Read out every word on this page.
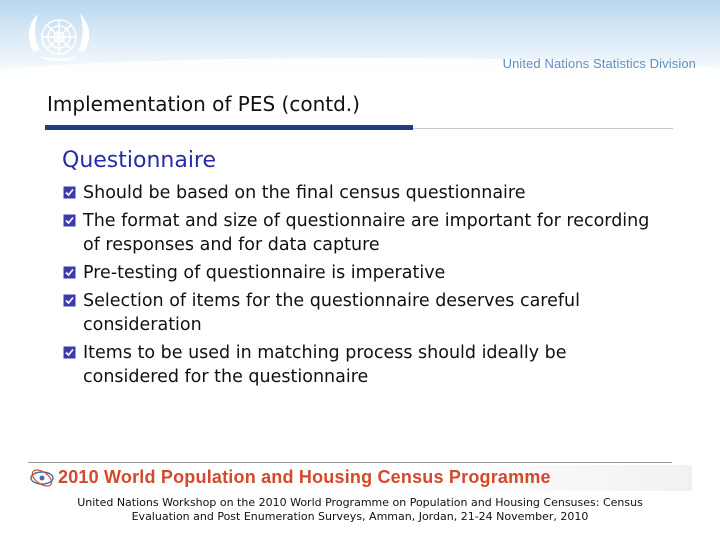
United Nations Statistics Division
Implementation of PES (contd.)
Questionnaire
Should be based on the final census questionnaire
The format and size of questionnaire are important for recording of responses and for data capture
Pre-testing of questionnaire is imperative
Selection of items for the questionnaire deserves careful consideration
Items to be used in matching process should ideally be considered for the questionnaire
2010 World Population and Housing Census Programme
United Nations Workshop on the 2010 World Programme on Population and Housing Censuses: Census
Evaluation and Post Enumeration Surveys, Amman, Jordan, 21-24 November, 2010
